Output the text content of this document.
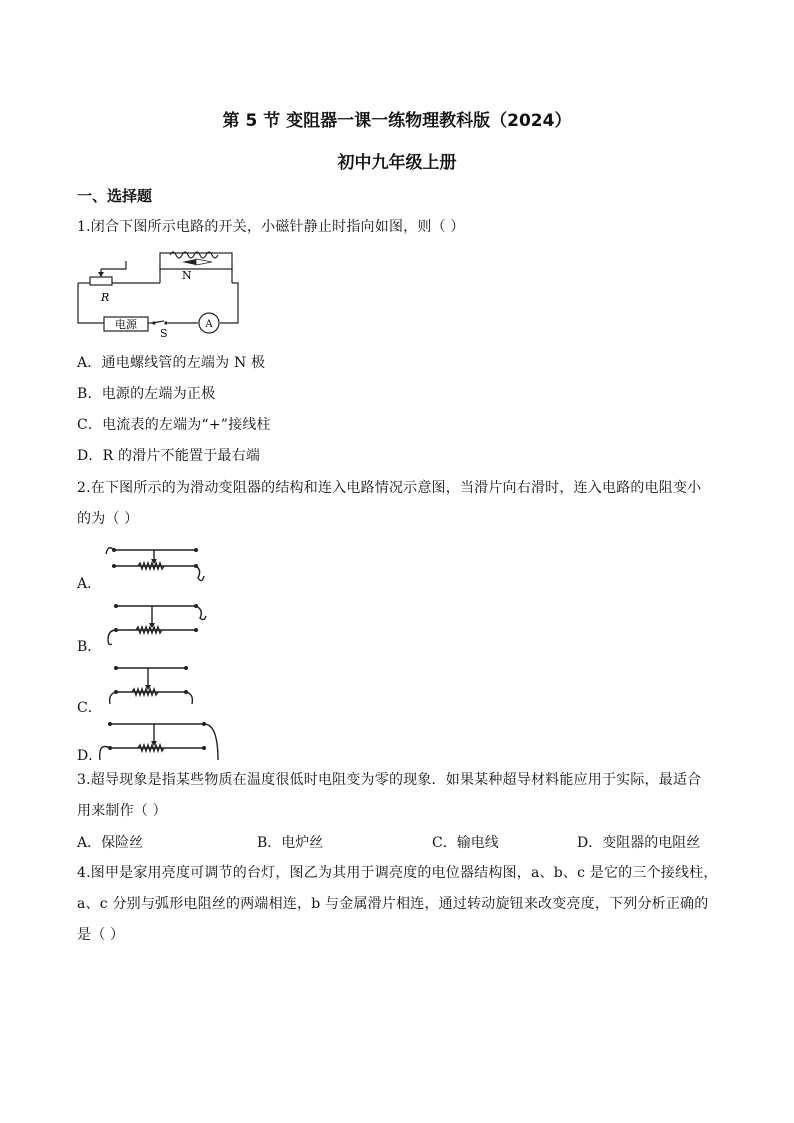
第 5 节 变阻器一课一练物理教科版（2024）
初中九年级上册
一、选择题
1.闭合下图所示电路的开关，小磁针静止时指向如图，则（ ）
R
N
电源
S
A
A．通电螺线管的左端为 N 极
B．电源的左端为正极
C．电流表的左端为“+”接线柱
D．R 的滑片不能置于最右端
2.在下图所示的为滑动变阻器的结构和连入电路情况示意图，当滑片向右滑时，连入电路的电阻变小
的为（ ）
A．
B．
C．
D．
3.超导现象是指某些物质在温度很低时电阻变为零的现象．如果某种超导材料能应用于实际，最适合
用来制作（ ）
A．保险丝	B．电炉丝	C．输电线	D．变阻器的电阻丝
4.图甲是家用亮度可调节的台灯，图乙为其用于调亮度的电位器结构图，a、b、c 是它的三个接线柱，
a、c 分别与弧形电阻丝的两端相连，b 与金属滑片相连，通过转动旋钮来改变亮度，下列分析正确的
是（ ）
